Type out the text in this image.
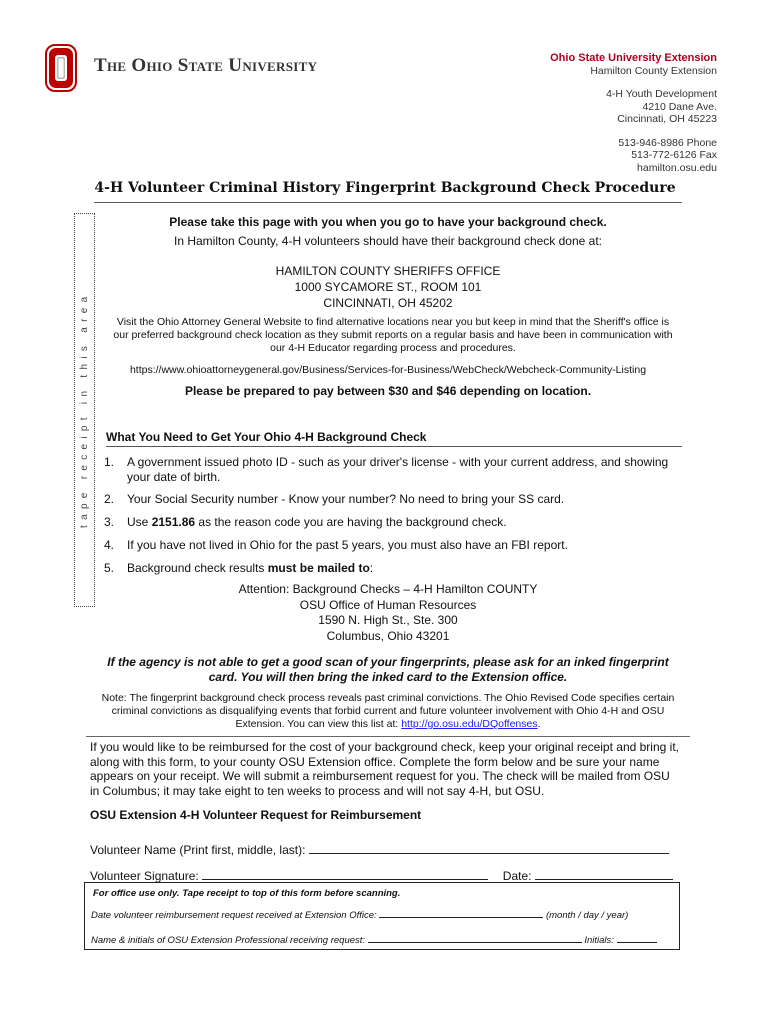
The Ohio State University	Ohio State University Extension
Hamilton County Extension
4-H Youth Development
4210 Dane Ave.
Cincinnati, OH 45223
513-946-8986 Phone
513-772-6126 Fax
hamilton.osu.edu
4-H Volunteer Criminal History Fingerprint Background Check Procedure
tape receipt in this area
Please take this page with you when you go to have your background check.
In Hamilton County, 4-H volunteers should have their background check done at:
HAMILTON COUNTY SHERIFFS OFFICE
1000 SYCAMORE ST., ROOM 101
CINCINNATI, OH 45202
Visit the Ohio Attorney General Website to find alternative locations near you but keep in mind that the Sheriff's office is our preferred background check location as they submit reports on a regular basis and have been in communication with our 4-H Educator regarding process and procedures.
https://www.ohioattorneygeneral.gov/Business/Services-for-Business/WebCheck/Webcheck-Community-Listing
Please be prepared to pay between $30 and $46 depending on location.
What You Need to Get Your Ohio 4-H Background Check
1.	A government issued photo ID - such as your driver's license - with your current address, and showing your date of birth.
2.	Your Social Security number - Know your number? No need to bring your SS card.
3.	Use 2151.86 as the reason code you are having the background check.
4.	If you have not lived in Ohio for the past 5 years, you must also have an FBI report.
5.	Background check results must be mailed to:
Attention: Background Checks – 4-H Hamilton COUNTY
OSU Office of Human Resources
1590 N. High St., Ste. 300
Columbus, Ohio 43201
If the agency is not able to get a good scan of your fingerprints, please ask for an inked fingerprint card. You will then bring the inked card to the Extension office.
Note: The fingerprint background check process reveals past criminal convictions. The Ohio Revised Code specifies certain criminal convictions as disqualifying events that forbid current and future volunteer involvement with Ohio 4-H and OSU Extension. You can view this list at: http://go.osu.edu/DQoffenses.
If you would like to be reimbursed for the cost of your background check, keep your original receipt and bring it, along with this form, to your county OSU Extension office. Complete the form below and be sure your name appears on your receipt. We will submit a reimbursement request for you. The check will be mailed from OSU in Columbus; it may take eight to ten weeks to process and will not say 4-H, but OSU.
OSU Extension 4-H Volunteer Request for Reimbursement
Volunteer Name (Print first, middle, last):
Volunteer Signature:	Date:
For office use only. Tape receipt to top of this form before scanning.
Date volunteer reimbursement request received at Extension Office:	(month / day / year)
Name & initials of OSU Extension Professional receiving request:	Initials:
